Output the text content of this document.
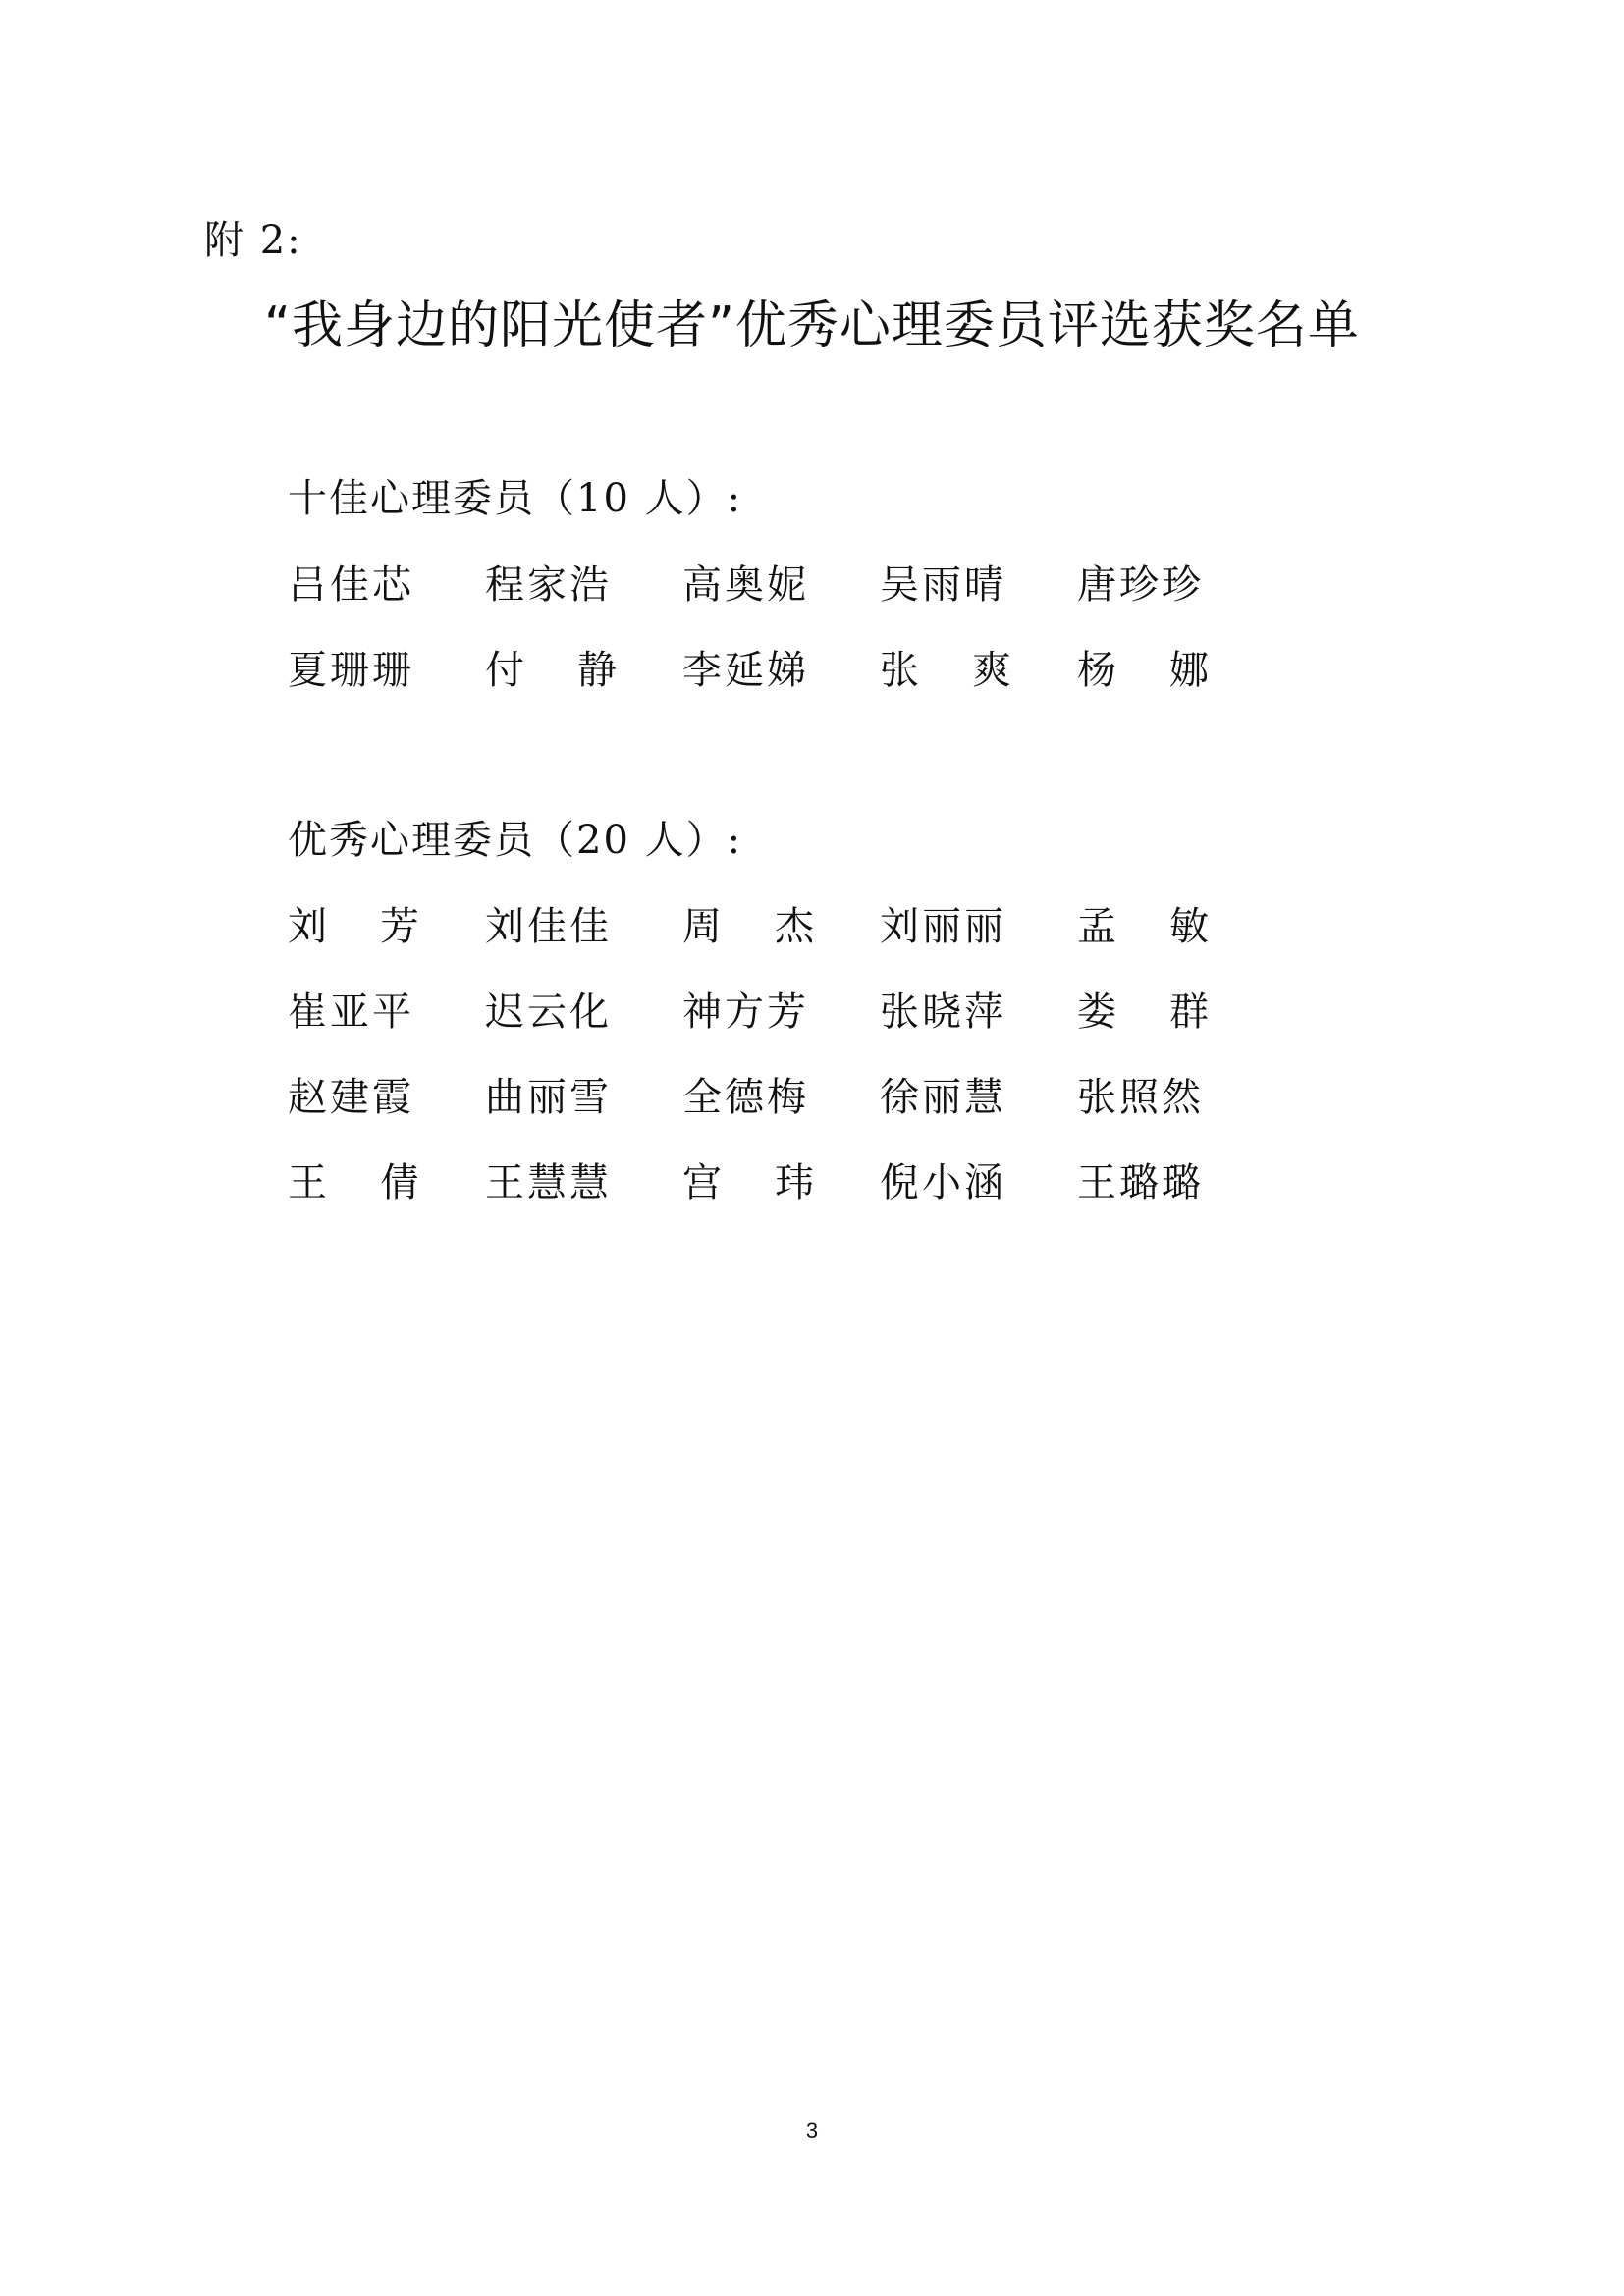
附 2:
“我身边的阳光使者”优秀心理委员评选获奖名单
十佳心理委员（10 人）:
吕佳芯 程家浩 高奥妮 吴雨晴 唐珍珍
夏珊珊 付 静 李延娣 张 爽 杨 娜
优秀心理委员（20 人）:
刘 芳 刘佳佳 周 杰 刘丽丽 孟 敏
崔亚平 迟云化 神方芳 张晓萍 娄 群
赵建霞 曲丽雪 全德梅 徐丽慧 张照然
王 倩 王慧慧 宫 玮 倪小涵 王璐璐
3
